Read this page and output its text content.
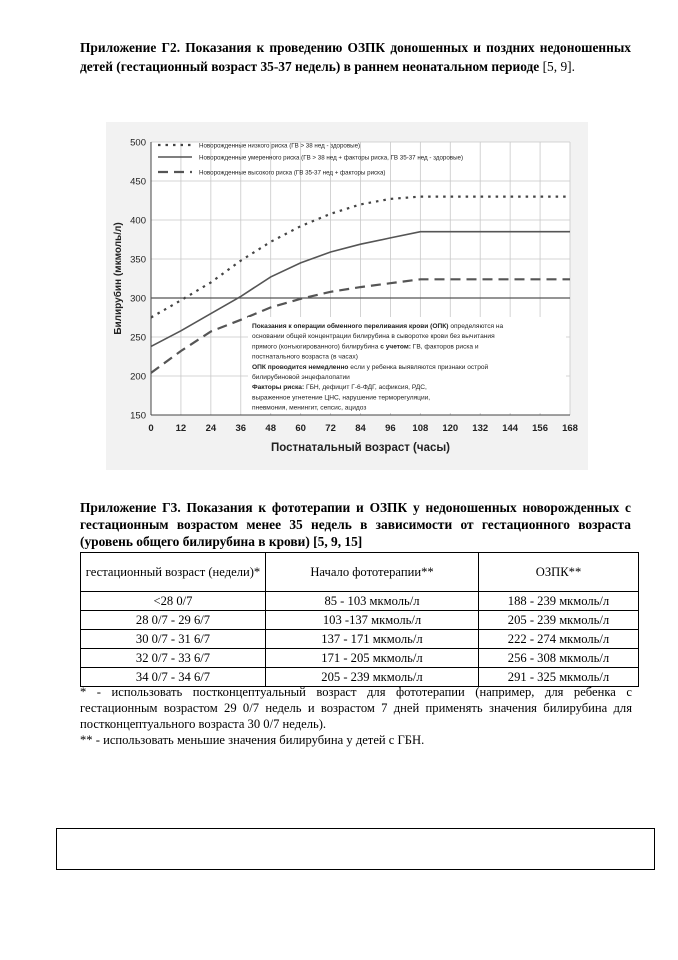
Приложение Г2. Показания к проведению ОЗПК доношенных и поздних недоношенных детей (гестационный возраст 35-37 недель) в раннем неонатальном периоде [5, 9].
0 12 24 36 48 60 72 84 96 108 120 132 144 156 168
150
200
250
300
350
400
450
500
Постнатальный возраст (часы)
Билирубин (мкмоль/л)
Новорожденные низкого риска (ГВ > 38 нед - здоровые)
Новорожденные умеренного риска (ГВ > 38 нед + факторы риска, ГВ 35-37 нед - здоровые)
Новорожденные высокого риска (ГВ 35-37 нед + факторы риска)
Показания к операции обменного переливания крови (ОПК) определяются на
основании общей концентрации билирубина в сыворотке крови без вычитания
прямого (конъюгированного) билирубина с учетом: ГВ, факторов риска и
постнатального возраста (в часах)
ОПК проводится немедленно если у ребенка выявляются признаки острой
билирубиновой энцефалопатии
Факторы риска: ГБН, дефицит Г-6-ФДГ, асфиксия, РДС,
выраженное угнетение ЦНС, нарушение терморегуляции,
пневмония, менингит, сепсис, ацидоз
Приложение Г3. Показания к фототерапии и ОЗПК у недоношенных новорожденных с гестационным возрастом менее 35 недель в зависимости от гестационного возраста (уровень общего билирубина в крови) [5, 9, 15]
гестационный возраст (недели)*	Начало фототерапии**	ОЗПК**
<28 0/7	85 - 103 мкмоль/л	188 - 239 мкмоль/л
28 0/7 - 29 6/7	103 -137 мкмоль/л	205 - 239 мкмоль/л
30 0/7 - 31 6/7	137 - 171 мкмоль/л	222 - 274 мкмоль/л
32 0/7 - 33 6/7	171 - 205 мкмоль/л	256 - 308 мкмоль/л
34 0/7 - 34 6/7	205 - 239 мкмоль/л	291 - 325 мкмоль/л

* - использовать постконцептуальный возраст для фототерапии (например, для ребенка с гестационным возрастом 29 0/7 недель и возрастом 7 дней применять значения билирубина для постконцептуального возраста 30 0/7 недель).

** - использовать меньшие значения билирубина у детей с ГБН.
